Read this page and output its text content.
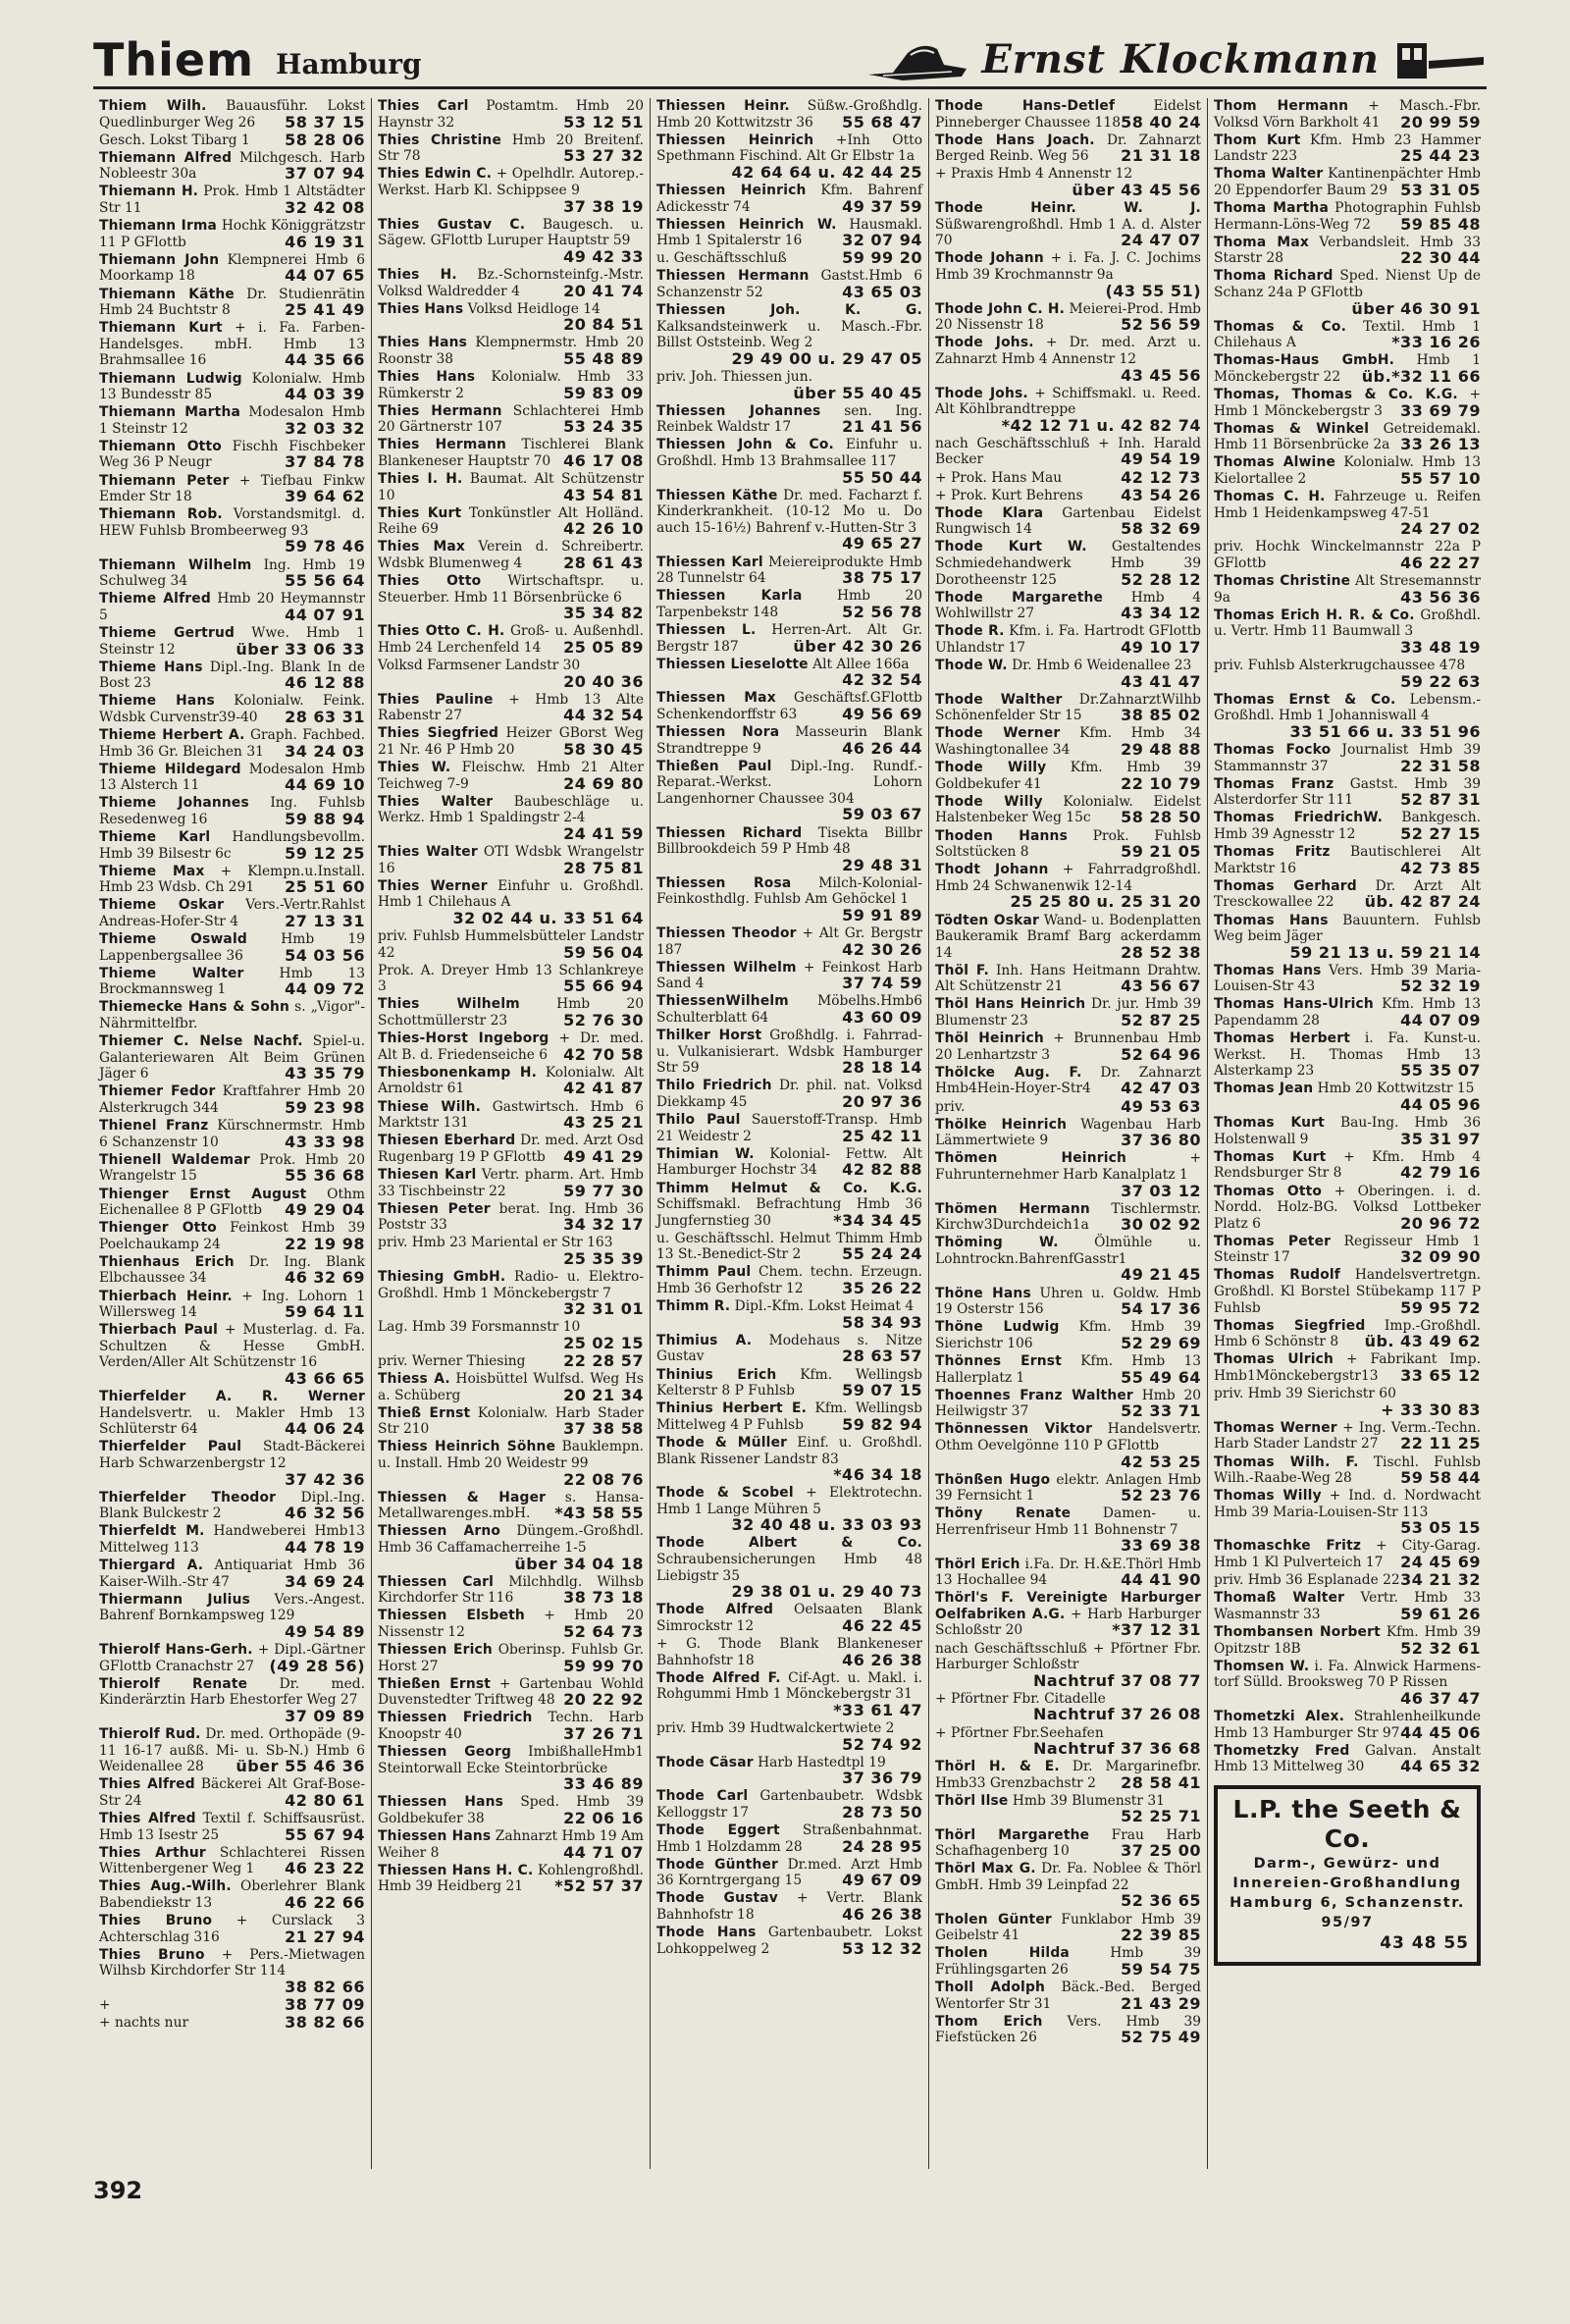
Thiem Hamburg	Ernst Klockmann
Thiem Wilh. Bauausführ. Lokst Quedlinburger Weg 26 58 37 15
Gesch. Lokst Tibarg 1 58 28 06
Thiemann Alfred Milchgesch. Harb Nobleestr 30a	37 07 94
Thiemann H. Prok. Hmb 1 Altstädter Str 11	32 42 08
Thiemann Irma Hochk Königgrätzstr 11 P GFlottb	46 19 31
Thiemann John Klempnerei Hmb 6 Moorkamp 18	44 07 65
Thiemann Käthe Dr. Studienrätin Hmb 24 Buchtstr 8	25 41 49
Thiemann Kurt + i. Fa. Farben-Handelsges. mbH. Hmb 13 Brahmsallee 16	44 35 66
Thiemann Ludwig Kolonialw. Hmb 13 Bundesstr 85	44 03 39
Thiemann Martha Modesalon Hmb 1 Steinstr 12	32 03 32
Thiemann Otto Fischh Fischbeker Weg 36 P Neugr	37 84 78
Thiemann Peter + Tiefbau Finkw Emder Str 18	39 64 62
Thiemann Rob. Vorstandsmitgl. d. HEW Fuhlsb Brombeerweg 93
59 78 46
Thiemann Wilhelm Ing. Hmb 19 Schulweg 34	55 56 64
Thieme Alfred Hmb 20 Heymannstr 5	44 07 91
Thieme Gertrud Wwe. Hmb 1 Steinstr 12	über 33 06 33
Thieme Hans Dipl.-Ing. Blank In de Bost 23	46 12 88
Thieme Hans Kolonialw. Feink. Wdsbk Curvenstr39-40 28 63 31
Thieme Herbert A. Graph. Fachbed. Hmb 36 Gr. Bleichen 31 34 24 03
Thieme Hildegard Modesalon Hmb 13 Alsterch 11	44 69 10
Thieme Johannes Ing. Fuhlsb Resedenweg 16	59 88 94
Thieme Karl Handlungsbevollm. Hmb 39 Bilsestr 6c	59 12 25
Thieme Max + Klempn.u.Install. Hmb 23 Wdsb. Ch 291 25 51 60
Thieme Oskar Vers.-Vertr.Rahlst Andreas-Hofer-Str 4	27 13 31
Thieme Oswald Hmb 19 Lappenbergsallee 36	54 03 56
Thieme Walter	Hmb 13 Brockmannsweg 1	44 09 72
Thiemecke Hans & Sohn s. „Vigor"-Nährmittelfbr.
Thiemer C. Nelse Nachf. Spiel-u. Galanteriewaren Alt Beim Grünen Jäger 6	43 35 79
Thiemer Fedor Kraftfahrer Hmb 20 Alsterkrugch 344	59 23 98
Thienel Franz Kürschnermstr. Hmb 6 Schanzenstr 10	43 33 98
Thienell Waldemar Prok. Hmb 20 Wrangelstr 15	55 36 68
Thienger Ernst August Othm Eichenallee 8 P GFlottb 49 29 04
Thienger Otto Feinkost Hmb 39 Poelchaukamp 24	22 19 98
Thienhaus Erich Dr. Ing. Blank Elbchaussee 34	46 32 69
Thierbach Heinr. + Ing. Lohorn 1 Willersweg 14	59 64 11
Thierbach Paul + Musterlag. d. Fa. Schultzen & Hesse GmbH. Verden/Aller Alt Schützenstr 16
43 66 65
Thierfelder A. R. Werner Handelsvertr. u. Makler Hmb 13 Schlüterstr 64	44 06 24
Thierfelder Paul Stadt-Bäckerei Harb Schwarzenbergstr 12
37 42 36
Thierfelder Theodor Dipl.-Ing. Blank Bulckestr 2	46 32 56
Thierfeldt M. Handweberei Hmb13 Mittelweg 113	44 78 19
Thiergard A. Antiquariat Hmb 36 Kaiser-Wilh.-Str 47	34 69 24
Thiermann Julius Vers.-Angest. Bahrenf Bornkampsweg 129
49 54 89
Thierolf Hans-Gerh. + Dipl.-Gärtner GFlottb Cranachstr 27 (49 28 56)
Thierolf Renate Dr. med. Kinderärztin Harb Ehestorfer Weg 27
37 09 89
Thierolf Rud. Dr. med. Orthopäde (9-11 16-17 außß. Mi- u. Sb-N.) Hmb 6 Weidenallee 28 über 55 46 36
Thies Alfred Bäckerei Alt Graf-Bose-Str 24	42 80 61
Thies Alfred Textil f. Schiffsausrüst. Hmb 13 Isestr 25	55 67 94
Thies Arthur Schlachterei Rissen Wittenbergener Weg 1 46 23 22
Thies Aug.-Wilh. Oberlehrer Blank Babendiekstr 13	46 22 66
Thies Bruno + Curslack 3 Achterschlag 316	21 27 94
Thies Bruno + Pers.-Mietwagen Wilhsb Kirchdorfer Str 114
38 82 66
+	38 77 09
+ nachts nur	38 82 66
Thies Carl Postamtm. Hmb 20 Haynstr 32	53 12 51
Thies Christine Hmb 20 Breitenf. Str 78	53 27 32
Thies Edwin C. + Opelhdlr. Autorep.-Werkst. Harb Kl. Schippsee 9
37 38 19
Thies Gustav C. Baugesch. u. Sägew. GFlottb Luruper Hauptstr 59
49 42 33
Thies H. Bz.-Schornsteinfg.-Mstr. Volksd Waldredder 4	20 41 74
Thies Hans Volksd Heidloge 14
20 84 51
Thies Hans Klempnermstr. Hmb 20 Roonstr 38	55 48 89
Thies Hans Kolonialw. Hmb 33 Rümkerstr 2	59 83 09
Thies Hermann Schlachterei Hmb 20 Gärtnerstr 107	53 24 35
Thies Hermann Tischlerei Blank Blankeneser Hauptstr 70 46 17 08
Thies I. H. Baumat. Alt Schützenstr 10	43 54 81
Thies Kurt Tonkünstler Alt Holländ. Reihe 69	42 26 10
Thies Max Verein d. Schreibertr. Wdsbk Blumenweg 4	28 61 43
Thies Otto Wirtschaftspr. u. Steuerber. Hmb 11 Börsenbrücke 6
35 34 82
Thies Otto C. H. Groß- u. Außenhdl. Hmb 24 Lerchenfeld 14 25 05 89
Volksd Farmsener Landstr 30
20 40 36
Thies Pauline + Hmb 13 Alte Rabenstr 27	44 32 54
Thies Siegfried Heizer GBorst Weg 21 Nr. 46 P Hmb 20	58 30 45
Thies W. Fleischw. Hmb 21 Alter Teichweg 7-9	24 69 80
Thies Walter Baubeschläge u. Werkz. Hmb 1 Spaldingstr 2-4
24 41 59
Thies Walter OTI Wdsbk Wrangelstr 16	28 75 81
Thies Werner Einfuhr u. Großhdl. Hmb 1 Chilehaus A
32 02 44 u. 33 51 64
priv. Fuhlsb Hummelsbütteler Landstr 42	59 56 04
Prok. A. Dreyer Hmb 13 Schlankreye 3	55 66 94
Thies Wilhelm	Hmb 20 Schottmüllerstr 23	52 76 30
Thies-Horst Ingeborg + Dr. med. Alt B. d. Friedenseiche 6 42 70 58
Thiesbonenkamp H. Kolonialw. Alt Arnoldstr 61	42 41 87
Thiese Wilh. Gastwirtsch. Hmb 6 Marktstr 131	43 25 21
Thiesen Eberhard Dr. med. Arzt Osd Rugenbarg 19 P GFlottb 49 41 29
Thiesen Karl Vertr. pharm. Art. Hmb 33 Tischbeinstr 22	59 77 30
Thiesen Peter berat. Ing. Hmb 36 Poststr 33	34 32 17
priv. Hmb 23 Mariental er Str 163
25 35 39
Thiesing GmbH. Radio- u. Elektro-Großhdl. Hmb 1 Mönckebergstr 7
32 31 01
Lag. Hmb 39 Forsmannstr 10
25 02 15
priv. Werner Thiesing 22 28 57
Thiess A. Hoisbüttel Wulfsd. Weg Hs a. Schüberg	20 21 34
Thieß Ernst Kolonialw. Harb Stader Str 210	37 38 58
Thiess Heinrich Söhne Bauklempn. u. Install. Hmb 20 Weidestr 99
22 08 76
Thiessen & Hager s. Hansa-Metallwarenges.mbH. *43 58 55
Thiessen Arno Düngem.-Großhdl. Hmb 36 Caffamacherreihe 1-5
über 34 04 18
Thiessen Carl Milchhdlg. Wilhsb Kirchdorfer Str 116	38 73 18
Thiessen Elsbeth + Hmb 20 Nissenstr 12	52 64 73
Thiessen Erich Oberinsp. Fuhlsb Gr. Horst 27	59 99 70
Thießen Ernst + Gartenbau Wohld Duvenstedter Triftweg 48 20 22 92
Thiessen Friedrich Techn. Harb Knoopstr 40	37 26 71
Thiessen Georg ImbißhalleHmb1 Steintorwall Ecke Steintorbrücke
33 46 89
Thiessen Hans Sped. Hmb 39 Goldbekufer 38	22 06 16
Thiessen Hans Zahnarzt Hmb 19 Am Weiher 8	44 71 07
Thiessen Hans H. C. Kohlengroßhdl. Hmb 39 Heidberg 21 *52 57 37
Thiessen Heinr. Süßw.-Großhdlg. Hmb 20 Kottwitzstr 36 55 68 47
Thiessen Heinrich +Inh Otto Spethmann Fischind. Alt Gr Elbstr 1a
42 64 64 u. 42 44 25
Thiessen Heinrich Kfm. Bahrenf Adickesstr 74	49 37 59
Thiessen Heinrich W. Hausmakl. Hmb 1 Spitalerstr 16	32 07 94
u. Geschäftsschluß	59 99 20
Thiessen Hermann Gastst.Hmb 6 Schanzenstr 52	43 65 03
Thiessen Joh. K. G. Kalksandsteinwerk u. Masch.-Fbr. Billst Oststeinb. Weg 2
29 49 00 u. 29 47 05
priv. Joh. Thiessen jun.
über 55 40 45
Thiessen Johannes sen. Ing. Reinbek Waldstr 17	21 41 56
Thiessen John & Co. Einfuhr u. Großhdl. Hmb 13 Brahmsallee 117
55 50 44
Thiessen Käthe Dr. med. Facharzt f. Kinderkrankheit. (10-12 Mo u. Do auch 15-16½) Bahrenf v.-Hutten-Str 3
49 65 27
Thiessen Karl Meiereiprodukte Hmb 28 Tunnelstr 64	38 75 17
Thiessen Karla	Hmb 20 Tarpenbekstr 148	52 56 78
Thiessen L. Herren-Art. Alt Gr. Bergstr 187	über 42 30 26
Thiessen Lieselotte Alt Allee 166a
42 32 54
Thiessen Max Geschäftsf.GFlottb Schenkendorffstr 63	49 56 69
Thiessen Nora Masseurin Blank Strandtreppe 9	46 26 44
Thießen Paul Dipl.-Ing. Rundf.-Reparat.-Werkst. Lohorn Langenhorner Chaussee 304
59 03 67
Thiessen Richard Tisekta Billbr Billbrookdeich 59 P Hmb 48
29 48 31
Thiessen Rosa Milch-Kolonial-Feinkosthdlg. Fuhlsb Am Gehöckel 1
59 91 89
Thiessen Theodor + Alt Gr. Bergstr 187	42 30 26
Thiessen Wilhelm + Feinkost Harb Sand 4	37 74 59
ThiessenWilhelm Möbelhs.Hmb6 Schulterblatt 64	43 60 09
Thilker Horst Großhdlg. i. Fahrrad- u. Vulkanisierart. Wdsbk Hamburger Str 59	28 18 14
Thilo Friedrich Dr. phil. nat. Volksd Diekkamp 45	20 97 36
Thilo Paul Sauerstoff-Transp. Hmb 21 Weidestr 2	25 42 11
Thimian W. Kolonial- Fettw. Alt Hamburger Hochstr 34 42 82 88
Thimm Helmut & Co. K.G. Schiffsmakl. Befrachtung Hmb 36 Jungfernstieg 30	*34 34 45
u. Geschäftsschl. Helmut Thimm Hmb 13 St.-Benedict-Str 2	55 24 24
Thimm Paul Chem. techn. Erzeugn. Hmb 36 Gerhofstr 12 35 26 22
Thimm R. Dipl.-Kfm. Lokst Heimat 4
58 34 93
Thimius A. Modehaus s. Nitze Gustav	28 63 57
Thinius Erich Kfm. Wellingsb Kelterstr 8 P Fuhlsb	59 07 15
Thinius Herbert E. Kfm. Wellingsb Mittelweg 4 P Fuhlsb 59 82 94
Thode & Müller Einf. u. Großhdl. Blank Rissener Landstr 83
*46 34 18
Thode & Scobel + Elektrotechn. Hmb 1 Lange Mühren 5
32 40 48 u. 33 03 93
Thode Albert & Co. Schraubensicherungen Hmb 48 Liebigstr 35
29 38 01 u. 29 40 73
Thode Alfred Oelsaaten Blank Simrockstr 12	46 22 45
+ G. Thode Blank Blankeneser Bahnhofstr 18	46 26 38
Thode Alfred F. Cif-Agt. u. Makl. i. Rohgummi Hmb 1 Mönckebergstr 31
*33 61 47
priv. Hmb 39 Hudtwalckertwiete 2
52 74 92
Thode Cäsar Harb Hastedtpl 19
37 36 79
Thode Carl Gartenbaubetr. Wdsbk Kelloggstr 17	28 73 50
Thode Eggert Straßenbahnmat. Hmb 1 Holzdamm 28	24 28 95
Thode Günther Dr.med. Arzt Hmb 36 Korntrgergang 15	49 67 09
Thode Gustav + Vertr. Blank Bahnhofstr 18	46 26 38
Thode Hans Gartenbaubetr. Lokst Lohkoppelweg 2	53 12 32
Thode Hans-Detlef	Eidelst Pinneberger Chaussee 118 58 40 24
Thode Hans Joach. Dr. Zahnarzt Berged Reinb. Weg 56 21 31 18
+ Praxis Hmb 4 Annenstr 12
über 43 45 56
Thode Heinr. W. J. Süßwarengroßhdl. Hmb 1 A. d. Alster 70	24 47 07
Thode Johann + i. Fa. J. C. Jochims Hmb 39 Krochmannstr 9a
(43 55 51)
Thode John C. H. Meierei-Prod. Hmb 20 Nissenstr 18	52 56 59
Thode Johs. + Dr. med. Arzt u. Zahnarzt Hmb 4 Annenstr 12
43 45 56
Thode Johs. + Schiffsmakl. u. Reed. Alt Köhlbrandtreppe
*42 12 71 u. 42 82 74
nach Geschäftsschluß + Inh. Harald Becker	49 54 19
+ Prok. Hans Mau	42 12 73
+ Prok. Kurt Behrens 43 54 26
Thode Klara Gartenbau Eidelst Rungwisch 14	58 32 69
Thode Kurt W. Gestaltendes Schmiedehandwerk Hmb 39 Dorotheenstr 125	52 28 12
Thode Margarethe Hmb 4 Wohlwillstr 27	43 34 12
Thode R. Kfm. i. Fa. Hartrodt GFlottb Uhlandstr 17	49 10 17
Thode W. Dr. Hmb 6 Weidenallee 23
43 41 47
Thode Walther Dr.ZahnarztWilhb Schönenfelder Str 15 38 85 02
Thode Werner Kfm. Hmb 34 Washingtonallee 34	29 48 88
Thode Willy Kfm. Hmb 39 Goldbekufer 41	22 10 79
Thode Willy Kolonialw. Eidelst Halstenbeker Weg 15c 58 28 50
Thoden Hanns Prok. Fuhlsb Soltstücken 8	59 21 05
Thodt Johann + Fahrradgroßhdl. Hmb 24 Schwanenwik 12-14
25 25 80 u. 25 31 20
Tödten Oskar Wand- u. Bodenplatten Baukeramik Bramf Barg ackerdamm 14	28 52 38
Thöl F. Inh. Hans Heitmann Drahtw. Alt Schützenstr 21	43 56 67
Thöl Hans Heinrich Dr. jur. Hmb 39 Blumenstr 23	52 87 25
Thöl Heinrich + Brunnenbau Hmb 20 Lenhartzstr 3	52 64 96
Thölcke Aug. F. Dr. Zahnarzt Hmb4Hein-Hoyer-Str4 42 47 03
priv.	49 53 63
Thölke Heinrich Wagenbau Harb Lämmertwiete 9	37 36 80
Thömen Heinrich	+ Fuhrunternehmer Harb Kanalplatz 1
37 03 12
Thömen Hermann Tischlermstr. Kirchw3Durchdeich1a 30 02 92
Thöming W.	Ölmühle u. Lohntrockn.BahrenfGasstr1
49 21 45
Thöne Hans Uhren u. Goldw. Hmb 19 Osterstr 156	54 17 36
Thöne Ludwig Kfm. Hmb 39 Sierichstr 106	52 29 69
Thönnes Ernst Kfm. Hmb 13 Hallerplatz 1	55 49 64
Thoennes Franz Walther Hmb 20 Heilwigstr 37	52 33 71
Thönnessen Viktor Handelsvertr. Othm Oevelgönne 110 P GFlottb
42 53 25
Thönßen Hugo elektr. Anlagen Hmb 39 Fernsicht 1	52 23 76
Thöny Renate Damen- u. Herrenfriseur Hmb 11 Bohnenstr 7
33 69 38
Thörl Erich i.Fa. Dr. H.&E.Thörl Hmb 13 Hochallee 94	44 41 90
Thörl's F. Vereinigte Harburger Oelfabriken A.G. + Harb Harburger Schloßstr 20	*37 12 31
nach Geschäftsschluß + Pförtner Fbr. Harburger Schloßstr
Nachtruf 37 08 77
+ Pförtner Fbr. Citadelle
Nachtruf 37 26 08
+ Pförtner Fbr.Seehafen
Nachtruf 37 36 68
Thörl H. & E. Dr. Margarinefbr. Hmb33 Grenzbachstr 2 28 58 41
Thörl Ilse Hmb 39 Blumenstr 31
52 25 71
Thörl Margarethe Frau Harb Schafhagenberg 10	37 25 00
Thörl Max G. Dr. Fa. Noblee & Thörl GmbH. Hmb 39 Leinpfad 22
52 36 65
Tholen Günter Funklabor Hmb 39 Geibelstr 41	22 39 85
Tholen Hilda	Hmb 39 Frühlingsgarten 26	59 54 75
Tholl Adolph Bäck.-Bed. Berged Wentorfer Str 31	21 43 29
Thom Erich Vers. Hmb 39 Fiefstücken 26	52 75 49
Thom Hermann + Masch.-Fbr. Volksd Vörn Barkholt 41 20 99 59
Thom Kurt Kfm. Hmb 23 Hammer Landstr 223	25 44 23
Thoma Walter Kantinenpächter Hmb 20 Eppendorfer Baum 29 53 31 05
Thoma Martha Photographin Fuhlsb Hermann-Löns-Weg 72 59 85 48
Thoma Max Verbandsleit. Hmb 33 Starstr 28	22 30 44
Thoma Richard Sped. Nienst Up de Schanz 24a P GFlottb
über 46 30 91
Thomas & Co. Textil. Hmb 1 Chilehaus A	*33 16 26
Thomas-Haus GmbH. Hmb 1 Mönckebergstr 22 üb.*32 11 66
Thomas, Thomas & Co. K.G. + Hmb 1 Mönckebergstr 3 33 69 79
Thomas & Winkel Getreidemakl. Hmb 11 Börsenbrücke 2a 33 26 13
Thomas Alwine Kolonialw. Hmb 13 Kielortallee 2	55 57 10
Thomas C. H. Fahrzeuge u. Reifen Hmb 1 Heidenkampsweg 47-51
24 27 02
priv. Hochk Winckelmannstr 22a P GFlottb	46 22 27
Thomas Christine Alt Stresemannstr 9a	43 56 36
Thomas Erich H. R. & Co. Großhdl. u. Vertr. Hmb 11 Baumwall 3
33 48 19
priv. Fuhlsb Alsterkrugchaussee 478
59 22 63
Thomas Ernst & Co. Lebensm.-Großhdl. Hmb 1 Johanniswall 4
33 51 66 u. 33 51 96
Thomas Focko Journalist Hmb 39 Stammannstr 37	22 31 58
Thomas Franz Gastst. Hmb 39 Alsterdorfer Str 111	52 87 31
Thomas FriedrichW. Bankgesch. Hmb 39 Agnesstr 12	52 27 15
Thomas Fritz Bautischlerei Alt Marktstr 16	42 73 85
Thomas Gerhard Dr. Arzt Alt Tresckowallee 22 üb. 42 87 24
Thomas Hans Bauuntern. Fuhlsb Weg beim Jäger
59 21 13 u. 59 21 14
Thomas Hans Vers. Hmb 39 Maria-Louisen-Str 43	52 32 19
Thomas Hans-Ulrich Kfm. Hmb 13 Papendamm 28	44 07 09
Thomas Herbert i. Fa. Kunst-u. Werkst. H. Thomas Hmb 13 Alsterkamp 23	55 35 07
Thomas Jean Hmb 20 Kottwitzstr 15
44 05 96
Thomas Kurt Bau-Ing. Hmb 36 Holstenwall 9	35 31 97
Thomas Kurt + Kfm. Hmb 4 Rendsburger Str 8	42 79 16
Thomas Otto + Oberingen. i. d. Nordd. Holz-BG. Volksd Lottbeker Platz 6	20 96 72
Thomas Peter Regisseur Hmb 1 Steinstr 17	32 09 90
Thomas Rudolf Handelsvertretgn. Großhdl. Kl Borstel Stübekamp 117 P Fuhlsb	59 95 72
Thomas Siegfried Imp.-Großhdl. Hmb 6 Schönstr 8 üb. 43 49 62
Thomas Ulrich + Fabrikant Imp. Hmb1Mönckebergstr13 33 65 12
priv. Hmb 39 Sierichstr 60
+ 33 30 83
Thomas Werner + Ing. Verm.-Techn. Harb Stader Landstr 27 22 11 25
Thomas Wilh. F. Tischl. Fuhlsb Wilh.-Raabe-Weg 28	59 58 44
Thomas Willy + Ind. d. Nordwacht Hmb 39 Maria-Louisen-Str 113
53 05 15
Thomaschke Fritz + City-Garag. Hmb 1 Kl Pulverteich 17 24 45 69
priv. Hmb 36 Esplanade 22 34 21 32
Thomaß Walter Vertr. Hmb 33 Wasmannstr 33	59 61 26
Thombansen Norbert Kfm. Hmb 39 Opitzstr 18B	52 32 61
Thomsen W. i. Fa. Alnwick Harmens-torf Sülld. Brooksweg 70 P Rissen
46 37 47
Thometzki Alex. Strahlenheilkunde Hmb 13 Hamburger Str 97 44 45 06
Thometzky Fred Galvan. Anstalt Hmb 13 Mittelweg 30 44 65 32
L.P. the Seeth & Co.
Darm-, Gewürz- und
Innereien-Großhandlung
Hamburg 6, Schanzenstr. 95/97
43 48 55
392
